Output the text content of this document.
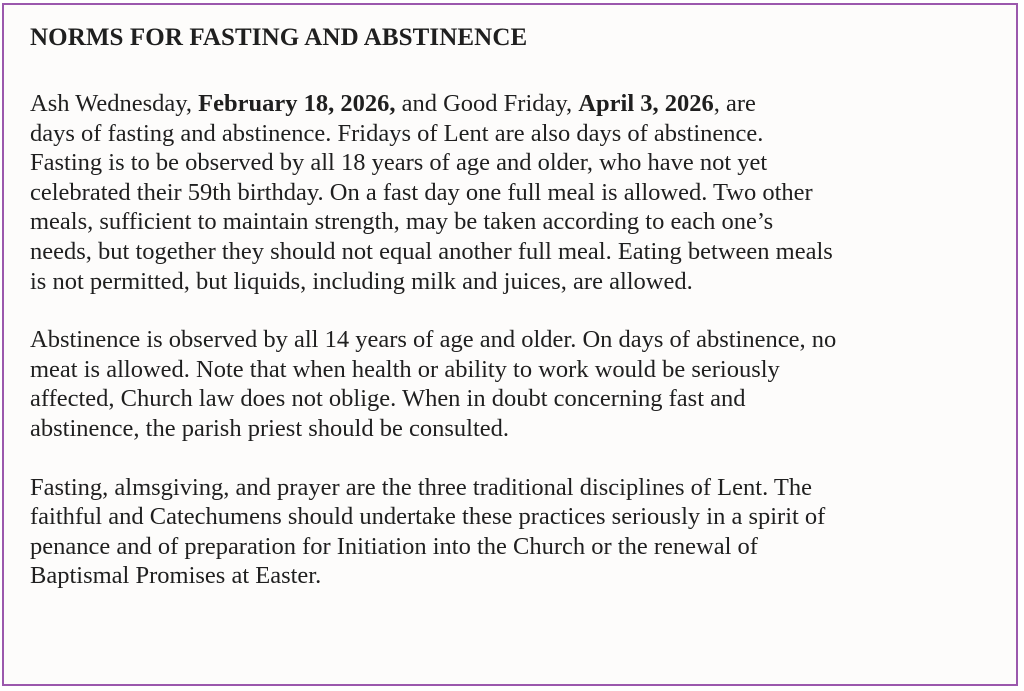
NORMS FOR FASTING AND ABSTINENCE
Ash Wednesday, February 18, 2026, and Good Friday, April 3, 2026, are
days of fasting and abstinence. Fridays of Lent are also days of abstinence.
Fasting is to be observed by all 18 years of age and older, who have not yet
celebrated their 59th birthday. On a fast day one full meal is allowed. Two other
meals, sufficient to maintain strength, may be taken according to each one’s
needs, but together they should not equal another full meal. Eating between meals
is not permitted, but liquids, including milk and juices, are allowed.
Abstinence is observed by all 14 years of age and older. On days of abstinence, no
meat is allowed. Note that when health or ability to work would be seriously
affected, Church law does not oblige. When in doubt concerning fast and
abstinence, the parish priest should be consulted.
Fasting, almsgiving, and prayer are the three traditional disciplines of Lent. The
faithful and Catechumens should undertake these practices seriously in a spirit of
penance and of preparation for Initiation into the Church or the renewal of
Baptismal Promises at Easter.
